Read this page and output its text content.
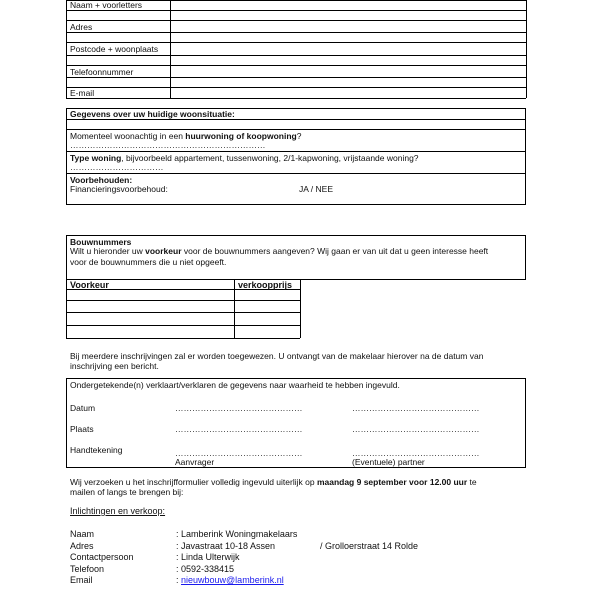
Naam + voorletters
Adres
Postcode + woonplaats
Telefoonnummer
E-mail
Gegevens over uw huidige woonsituatie:
Momenteel woonachtig in een huurwoning of koopwoning?
……………………………………………………………
Type woning, bijvoorbeeld appartement, tussenwoning, 2/1-kapwoning, vrijstaande woning?
……………………………
Voorbehouden:
Financieringsvoorbehoud:	JA / NEE
Bouwnummers
Wilt u hieronder uw voorkeur voor de bouwnummers aangeven? Wij gaan er van uit dat u geen interesse heeft
voor de bouwnummers die u niet opgeeft.
Voorkeur	verkoopprijs
Bij meerdere inschrijvingen zal er worden toegewezen. U ontvangt van de makelaar hierover na de datum van
inschrijving een bericht.
Ondergetekende(n) verklaart/verklaren de gegevens naar waarheid te hebben ingevuld.
Datum	………………………………………	………………………………………
Plaats	………………………………………	………………………………………
Handtekening	………………………………………	………………………………………
Aanvrager	(Eventuele) partner
Wij verzoeken u het inschrijfformulier volledig ingevuld uiterlijk op maandag 9 september voor 12.00 uur te
mailen of langs te brengen bij:
Inlichtingen en verkoop:
Naam	: Lamberink Woningmakelaars
Adres	: Javastraat 10-18 Assen	/ Grolloerstraat 14 Rolde
Contactpersoon	: Linda Ulterwijk
Telefoon	: 0592-338415
Email	: nieuwbouw@lamberink.nl
